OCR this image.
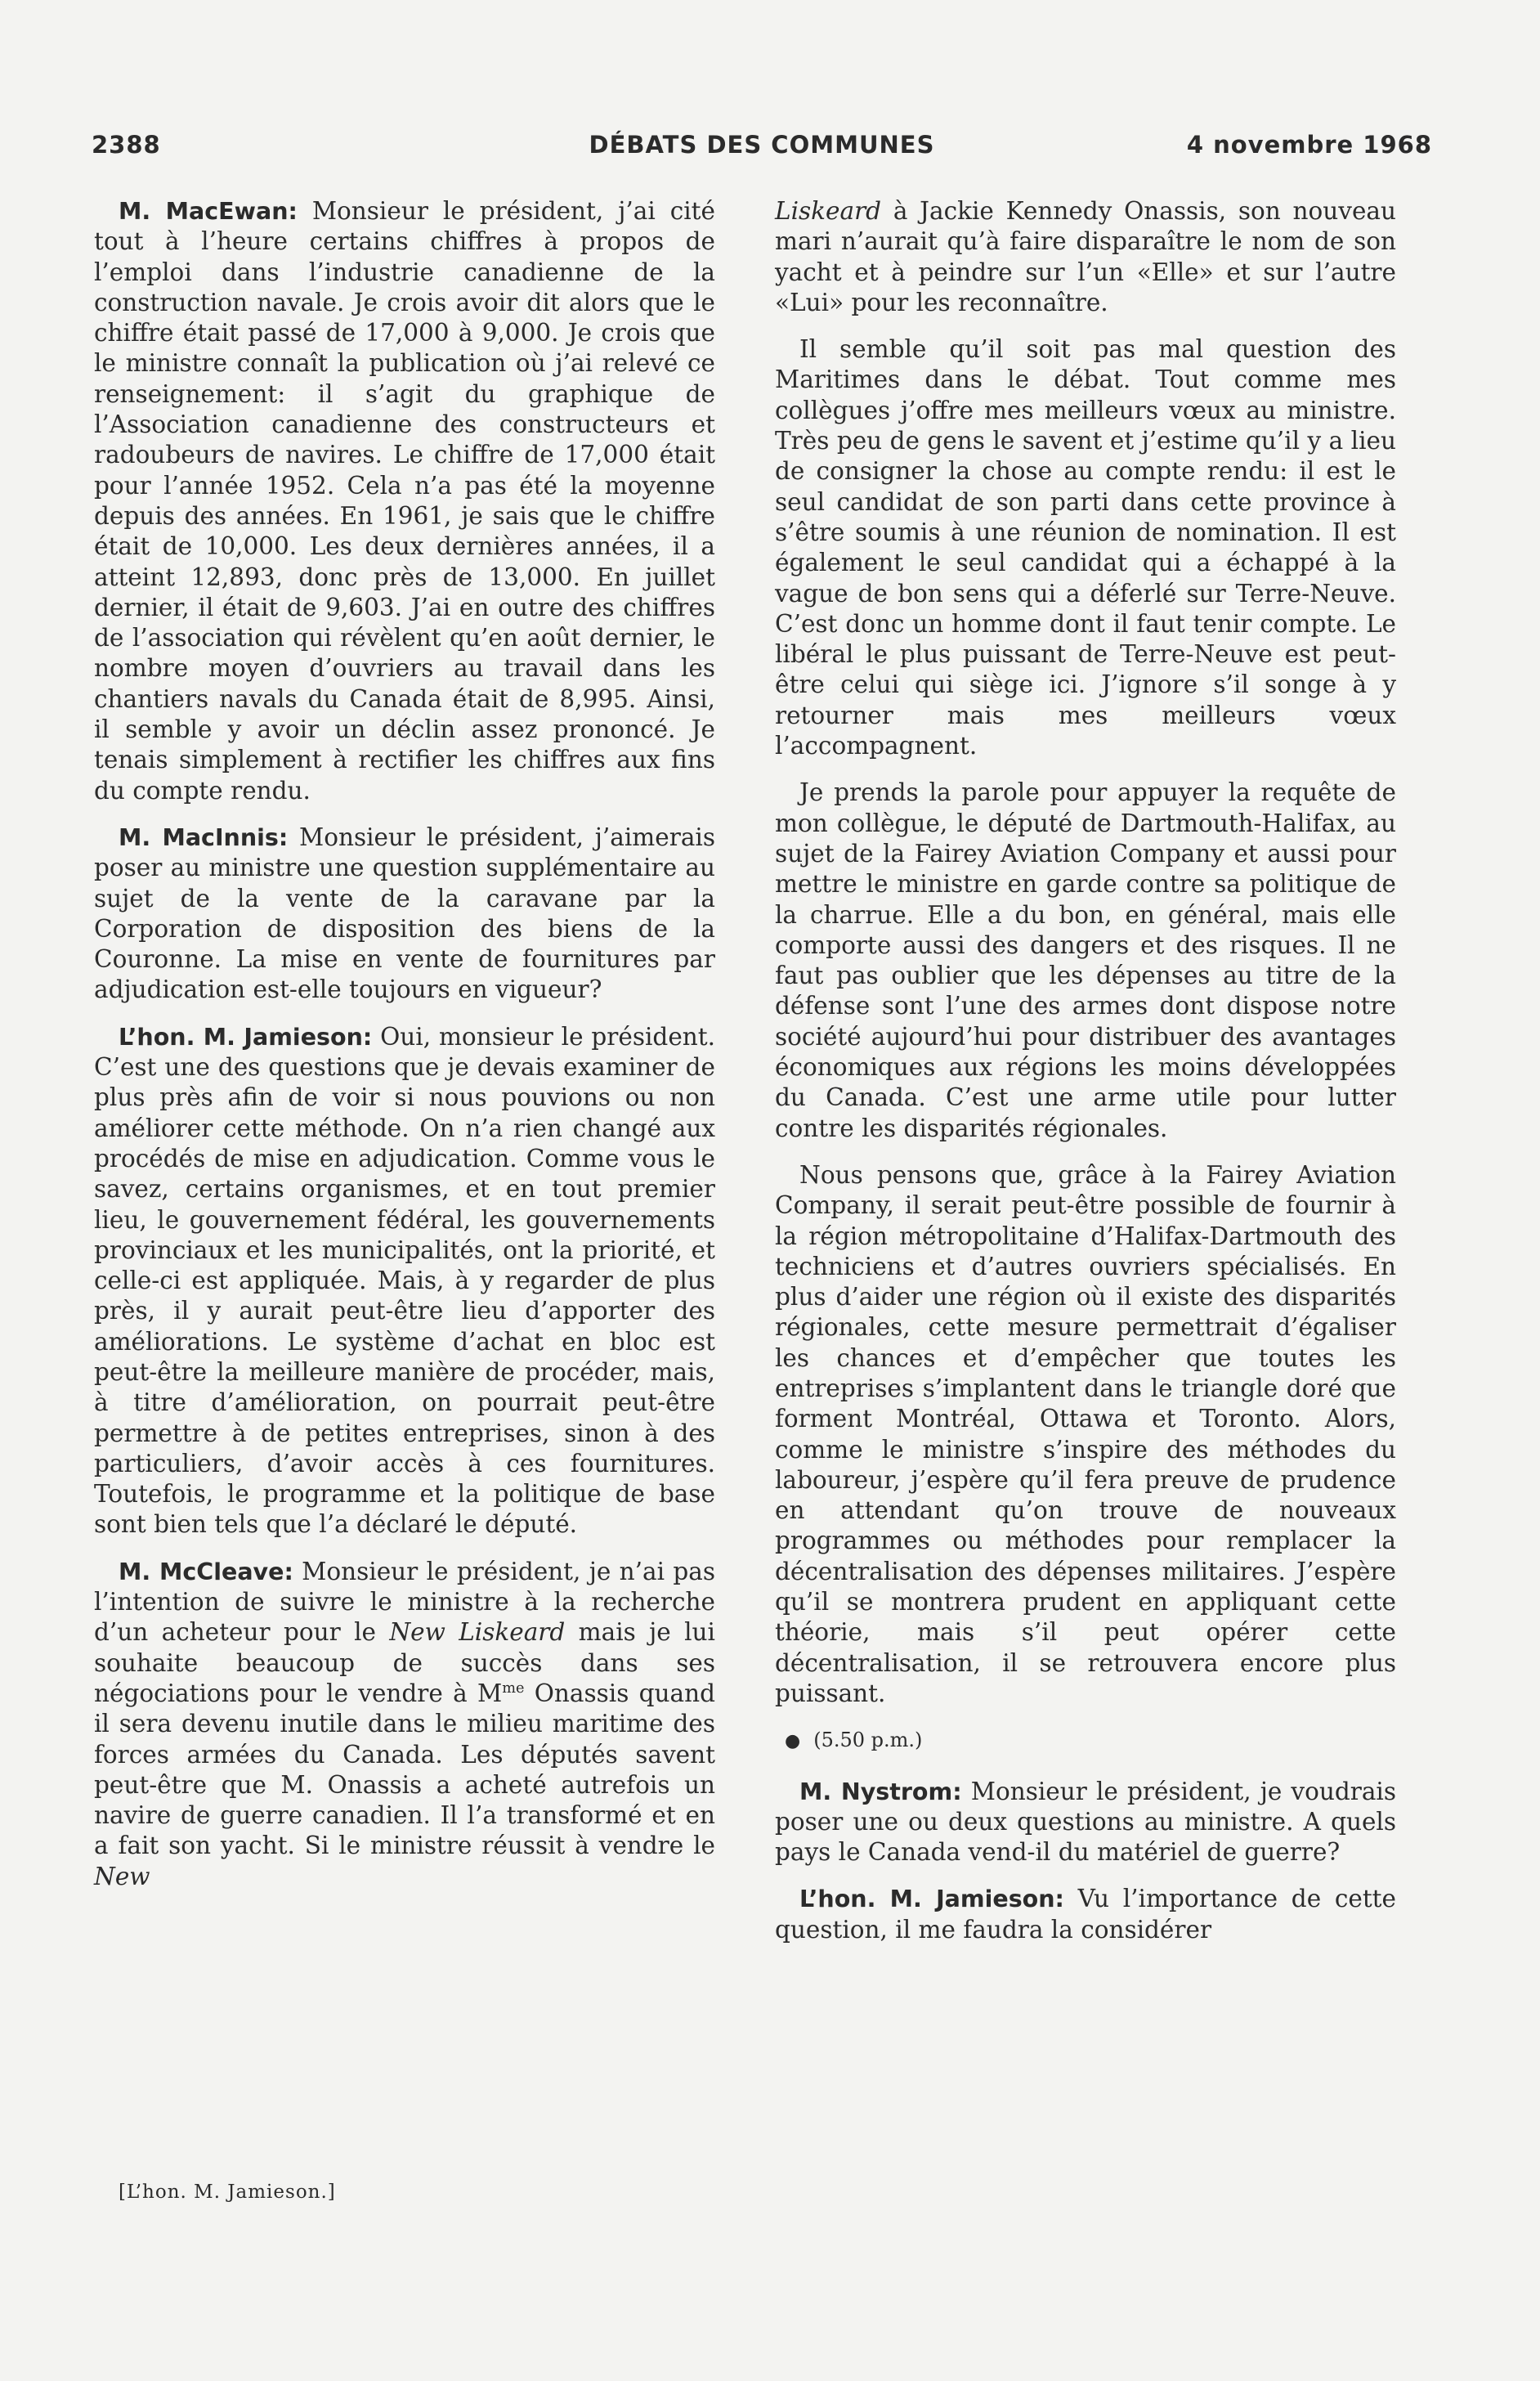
2388	DÉBATS DES COMMUNES	4 novembre 1968

M. MacEwan: Monsieur le président, j’ai cité tout à l’heure certains chiffres à propos de l’emploi dans l’industrie canadienne de la construction navale. Je crois avoir dit alors que le chiffre était passé de 17,000 à 9,000. Je crois que le ministre connaît la publication où j’ai relevé ce renseignement: il s’agit du graphique de l’Association canadienne des constructeurs et radoubeurs de navires. Le chiffre de 17,000 était pour l’année 1952. Cela n’a pas été la moyenne depuis des années. En 1961, je sais que le chiffre était de 10,000. Les deux dernières années, il a atteint 12,893, donc près de 13,000. En juillet dernier, il était de 9,603. J’ai en outre des chiffres de l’association qui révèlent qu’en août dernier, le nombre moyen d’ouvriers au travail dans les chantiers navals du Canada était de 8,995. Ainsi, il semble y avoir un déclin assez prononcé. Je tenais simplement à rectifier les chiffres aux fins du compte rendu.

M. MacInnis: Monsieur le président, j’aimerais poser au ministre une question supplémentaire au sujet de la vente de la caravane par la Corporation de disposition des biens de la Couronne. La mise en vente de fournitures par adjudication est-elle toujours en vigueur?

L’hon. M. Jamieson: Oui, monsieur le président. C’est une des questions que je devais examiner de plus près afin de voir si nous pouvions ou non améliorer cette méthode. On n’a rien changé aux procédés de mise en adjudication. Comme vous le savez, certains organismes, et en tout premier lieu, le gouvernement fédéral, les gouvernements provinciaux et les municipalités, ont la priorité, et celle-ci est appliquée. Mais, à y regarder de plus près, il y aurait peut-être lieu d’apporter des améliorations. Le système d’achat en bloc est peut-être la meilleure manière de procéder, mais, à titre d’amélioration, on pourrait peut-être permettre à de petites entreprises, sinon à des particuliers, d’avoir accès à ces fournitures. Toutefois, le programme et la politique de base sont bien tels que l’a déclaré le député.

M. McCleave: Monsieur le président, je n’ai pas l’intention de suivre le ministre à la recherche d’un acheteur pour le New Liskeard mais je lui souhaite beaucoup de succès dans ses négociations pour le vendre à $M^{me}$ Onassis quand il sera devenu inutile dans le milieu maritime des forces armées du Canada. Les députés savent peut-être que M. Onassis a acheté autrefois un navire de guerre canadien. Il l’a transformé et en a fait son yacht. Si le ministre réussit à vendre le New

Liskeard à Jackie Kennedy Onassis, son nouveau mari n’aurait qu’à faire disparaître le nom de son yacht et à peindre sur l’un «Elle» et sur l’autre «Lui» pour les reconnaître.

Il semble qu’il soit pas mal question des Maritimes dans le débat. Tout comme mes collègues j’offre mes meilleurs vœux au ministre. Très peu de gens le savent et j’estime qu’il y a lieu de consigner la chose au compte rendu: il est le seul candidat de son parti dans cette province à s’être soumis à une réunion de nomination. Il est également le seul candidat qui a échappé à la vague de bon sens qui a déferlé sur Terre-Neuve. C’est donc un homme dont il faut tenir compte. Le libéral le plus puissant de Terre-Neuve est peut-être celui qui siège ici. J’ignore s’il songe à y retourner mais mes meilleurs vœux l’accompagnent.

Je prends la parole pour appuyer la requête de mon collègue, le député de Dartmouth-Halifax, au sujet de la Fairey Aviation Company et aussi pour mettre le ministre en garde contre sa politique de la charrue. Elle a du bon, en général, mais elle comporte aussi des dangers et des risques. Il ne faut pas oublier que les dépenses au titre de la défense sont l’une des armes dont dispose notre société aujourd’hui pour distribuer des avantages économiques aux régions les moins développées du Canada. C’est une arme utile pour lutter contre les disparités régionales.

Nous pensons que, grâce à la Fairey Aviation Company, il serait peut-être possible de fournir à la région métropolitaine d’Halifax-Dartmouth des techniciens et d’autres ouvriers spécialisés. En plus d’aider une région où il existe des disparités régionales, cette mesure permettrait d’égaliser les chances et d’empêcher que toutes les entreprises s’implantent dans le triangle doré que forment Montréal, Ottawa et Toronto. Alors, comme le ministre s’inspire des méthodes du laboureur, j’espère qu’il fera preuve de prudence en attendant qu’on trouve de nouveaux programmes ou méthodes pour remplacer la décentralisation des dépenses militaires. J’espère qu’il se montrera prudent en appliquant cette théorie, mais s’il peut opérer cette décentralisation, il se retrouvera encore plus puissant.

● (5.50 p.m.)

M. Nystrom: Monsieur le président, je voudrais poser une ou deux questions au ministre. A quels pays le Canada vend-il du matériel de guerre?

L’hon. M. Jamieson: Vu l’importance de cette question, il me faudra la considérer

[L’hon. M. Jamieson.]
